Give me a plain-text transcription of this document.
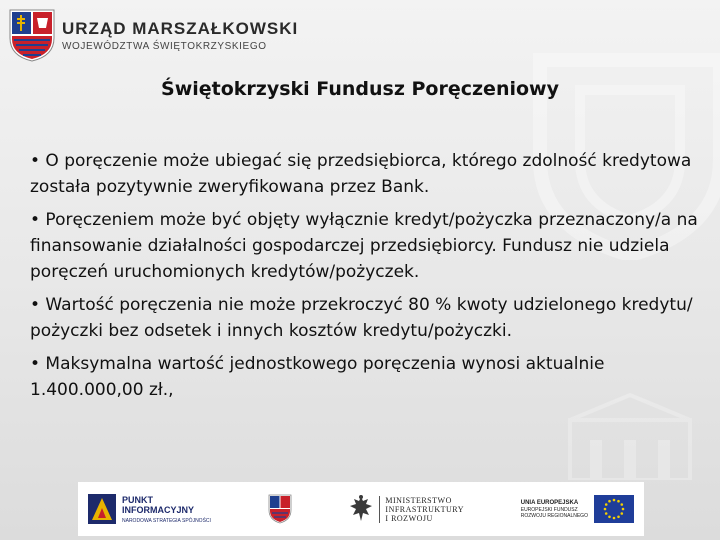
URZĄD MARSZAŁKOWSKI
WOJEWÓDZTWA ŚWIĘTOKRZYSKIEGO
Świętokrzyski Fundusz Poręczeniowy

• O poręczenie może ubiegać się przedsiębiorca, którego zdolność kredytowa została pozytywnie zweryfikowana przez Bank.

• Poręczeniem może być objęty wyłącznie kredyt/pożyczka przeznaczony/a na finansowanie działalności gospodarczej przedsiębiorcy. Fundusz nie udziela poręczeń uruchomionych kredytów/pożyczek.

• Wartość poręczenia nie może przekroczyć 80 % kwoty udzielonego kredytu/ pożyczki bez odsetek i innych kosztów kredytu/pożyczki.

• Maksymalna wartość jednostkowego poręczenia wynosi aktualnie 1.400.000,00 zł.,

PUNKT
INFORMACYJNY
NARODOWA STRATEGIA SPÓJNOŚCI
MINISTERSTWO
INFRASTRUKTURY
I ROZWOJU
UNIA EUROPEJSKA
EUROPEJSKI FUNDUSZ
ROZWOJU REGIONALNEGO
